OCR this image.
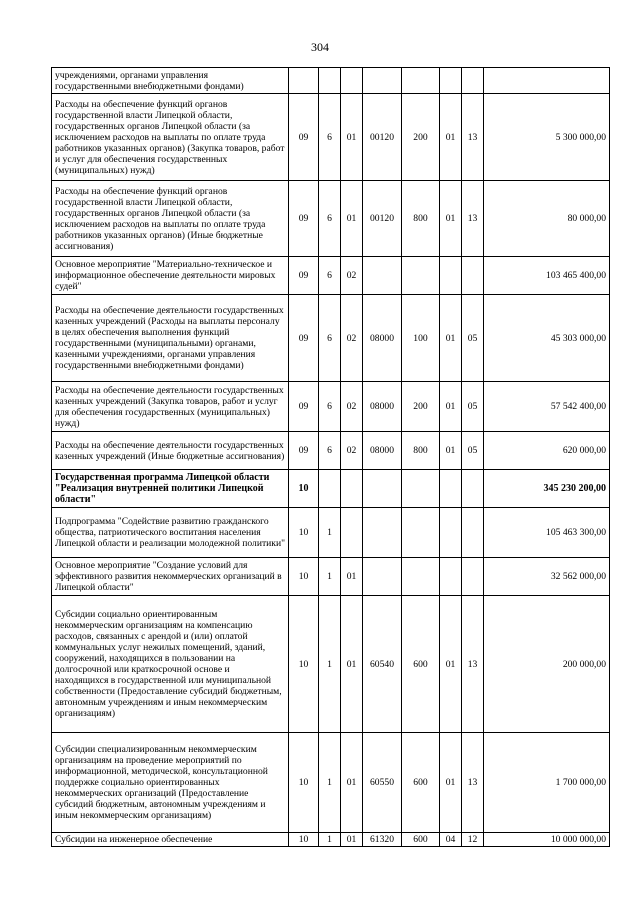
304
учреждениями, органами управления государственными внебюджетными фондами)								
Расходы на обеспечение функций органов государственной власти Липецкой области, государственных органов Липецкой области (за исключением расходов на выплаты по оплате труда работников указанных органов) (Закупка товаров, работ и услуг для обеспечения государственных (муниципальных) нужд)	09	6	01	00120	200	01	13	5 300 000,00
Расходы на обеспечение функций органов государственной власти Липецкой области, государственных органов Липецкой области (за исключением расходов на выплаты по оплате труда работников указанных органов) (Иные бюджетные ассигнования)	09	6	01	00120	800	01	13	80 000,00
Основное мероприятие "Материально-техническое и информационное обеспечение деятельности мировых судей"	09	6	02					103 465 400,00
Расходы на обеспечение деятельности государственных казенных учреждений (Расходы на выплаты персоналу в целях обеспечения выполнения функций государственными (муниципальными) органами, казенными учреждениями, органами управления государственными внебюджетными фондами)	09	6	02	08000	100	01	05	45 303 000,00
Расходы на обеспечение деятельности государственных казенных учреждений (Закупка товаров, работ и услуг для обеспечения государственных (муниципальных) нужд)	09	6	02	08000	200	01	05	57 542 400,00
Расходы на обеспечение деятельности государственных казенных учреждений (Иные бюджетные ассигнования)	09	6	02	08000	800	01	05	620 000,00
Государственная программа Липецкой области "Реализация внутренней политики Липецкой области"	10							345 230 200,00
Подпрограмма "Содействие развитию гражданского общества, патриотического воспитания населения Липецкой области и реализации молодежной политики"	10	1						105 463 300,00
Основное мероприятие "Создание условий для эффективного развития некоммерческих организаций в Липецкой области"	10	1	01					32 562 000,00
Субсидии социально ориентированным некоммерческим организациям на компенсацию расходов, связанных с арендой и (или) оплатой коммунальных услуг нежилых помещений, зданий, сооружений, находящихся в пользовании на долгосрочной или краткосрочной основе и находящихся в государственной или муниципальной собственности (Предоставление субсидий бюджетным, автономным учреждениям и иным некоммерческим организациям)	10	1	01	60540	600	01	13	200 000,00
Субсидии специализированным некоммерческим организациям на проведение мероприятий по информационной, методической, консультационной поддержке социально ориентированных некоммерческих организаций (Предоставление субсидий бюджетным, автономным учреждениям и иным некоммерческим организациям)	10	1	01	60550	600	01	13	1 700 000,00
Субсидии на инженерное обеспечение	10	1	01	61320	600	04	12	10 000 000,00
